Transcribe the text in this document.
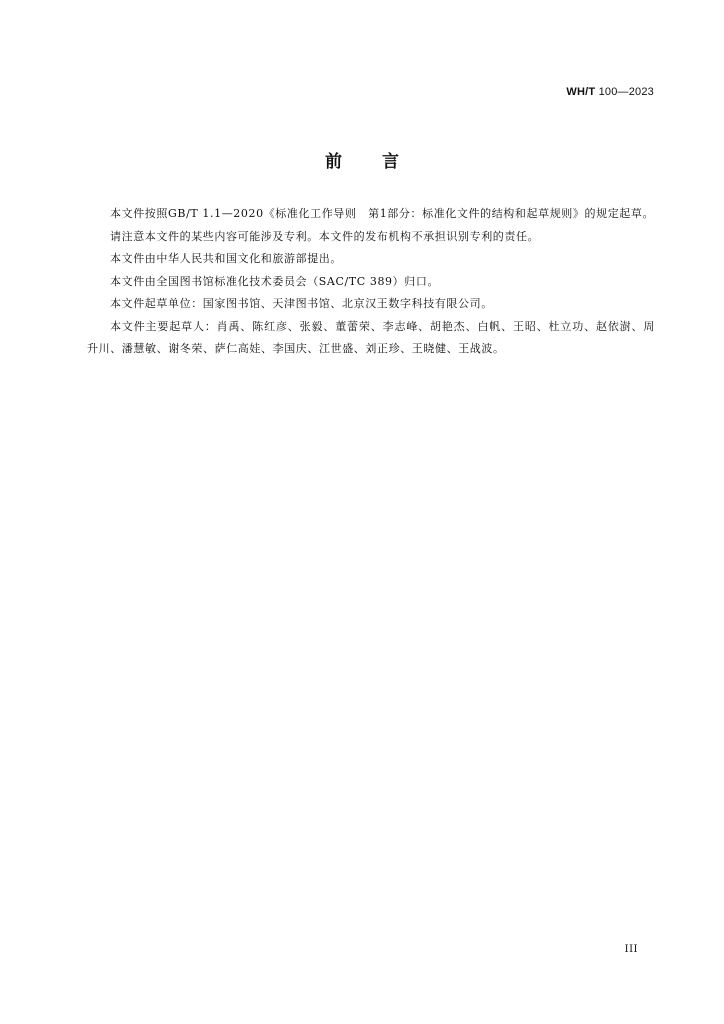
WH/T 100—2023
前言

本文件按照GB/T 1.1—2020《标准化工作导则　第1部分：标准化文件的结构和起草规则》的规定起草。

请注意本文件的某些内容可能涉及专利。本文件的发布机构不承担识别专利的责任。

本文件由中华人民共和国文化和旅游部提出。

本文件由全国图书馆标准化技术委员会（SAC/TC 389）归口。

本文件起草单位：国家图书馆、天津图书馆、北京汉王数字科技有限公司。

本文件主要起草人：肖禹、陈红彦、张毅、董蕾荣、李志峰、胡艳杰、白帆、王昭、杜立功、赵依澍、周升川、潘慧敏、谢冬荣、萨仁高娃、李国庆、江世盛、刘正珍、王晓健、王战波。

III
